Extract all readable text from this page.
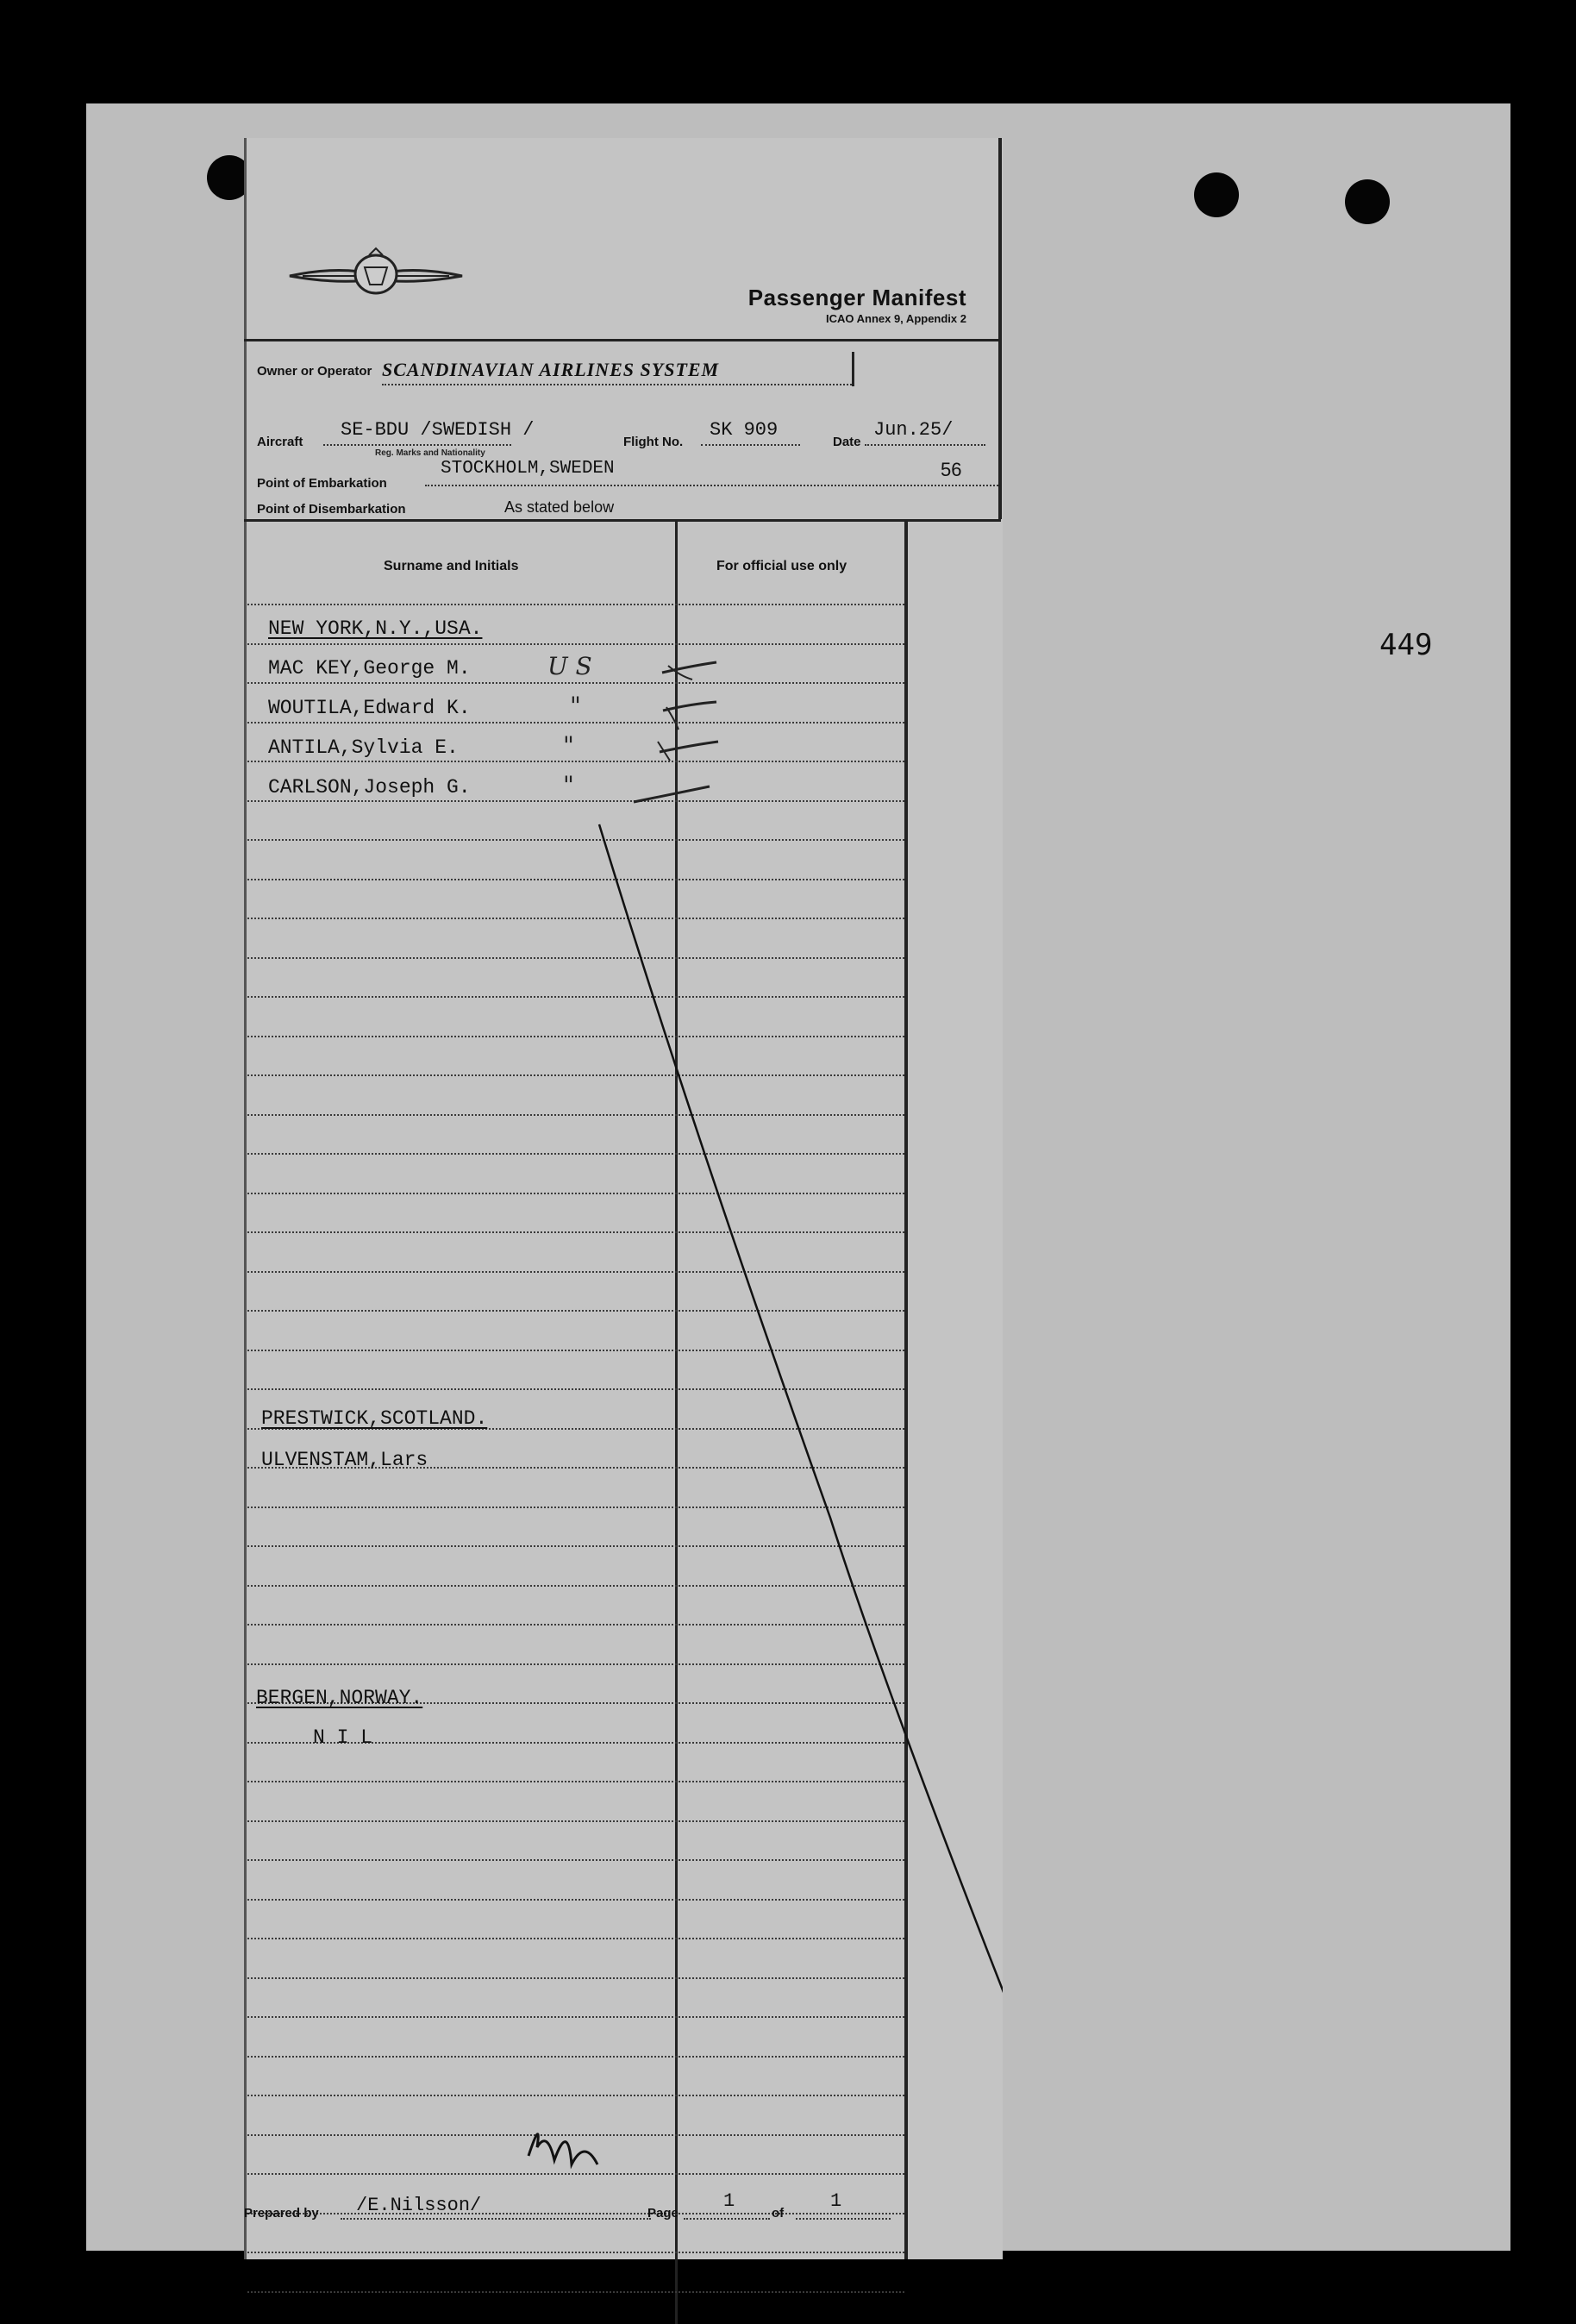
449
Passenger Manifest
ICAO Annex 9, Appendix 2
Owner or Operator SCANDINAVIAN AIRLINES SYSTEM
Aircraft
SE-BDU /SWEDISH /
Reg. Marks and Nationality
Flight No.
SK 909
Date
Jun.25/
56
Point of Embarkation
STOCKHOLM,SWEDEN
Point of Disembarkation	As stated below
Surname and Initials	For official use only
NEW YORK,N.Y.,USA.
MAC KEY,George M.	U S
WOUTILA,Edward K.	"
ANTILA,Sylvia E.	"
CARLSON,Joseph G.	"
PRESTWICK,SCOTLAND.
ULVENSTAM,Lars
BERGEN,NORWAY.
N I L
Prepared by /E.Nilsson/	Page
1
of
1
